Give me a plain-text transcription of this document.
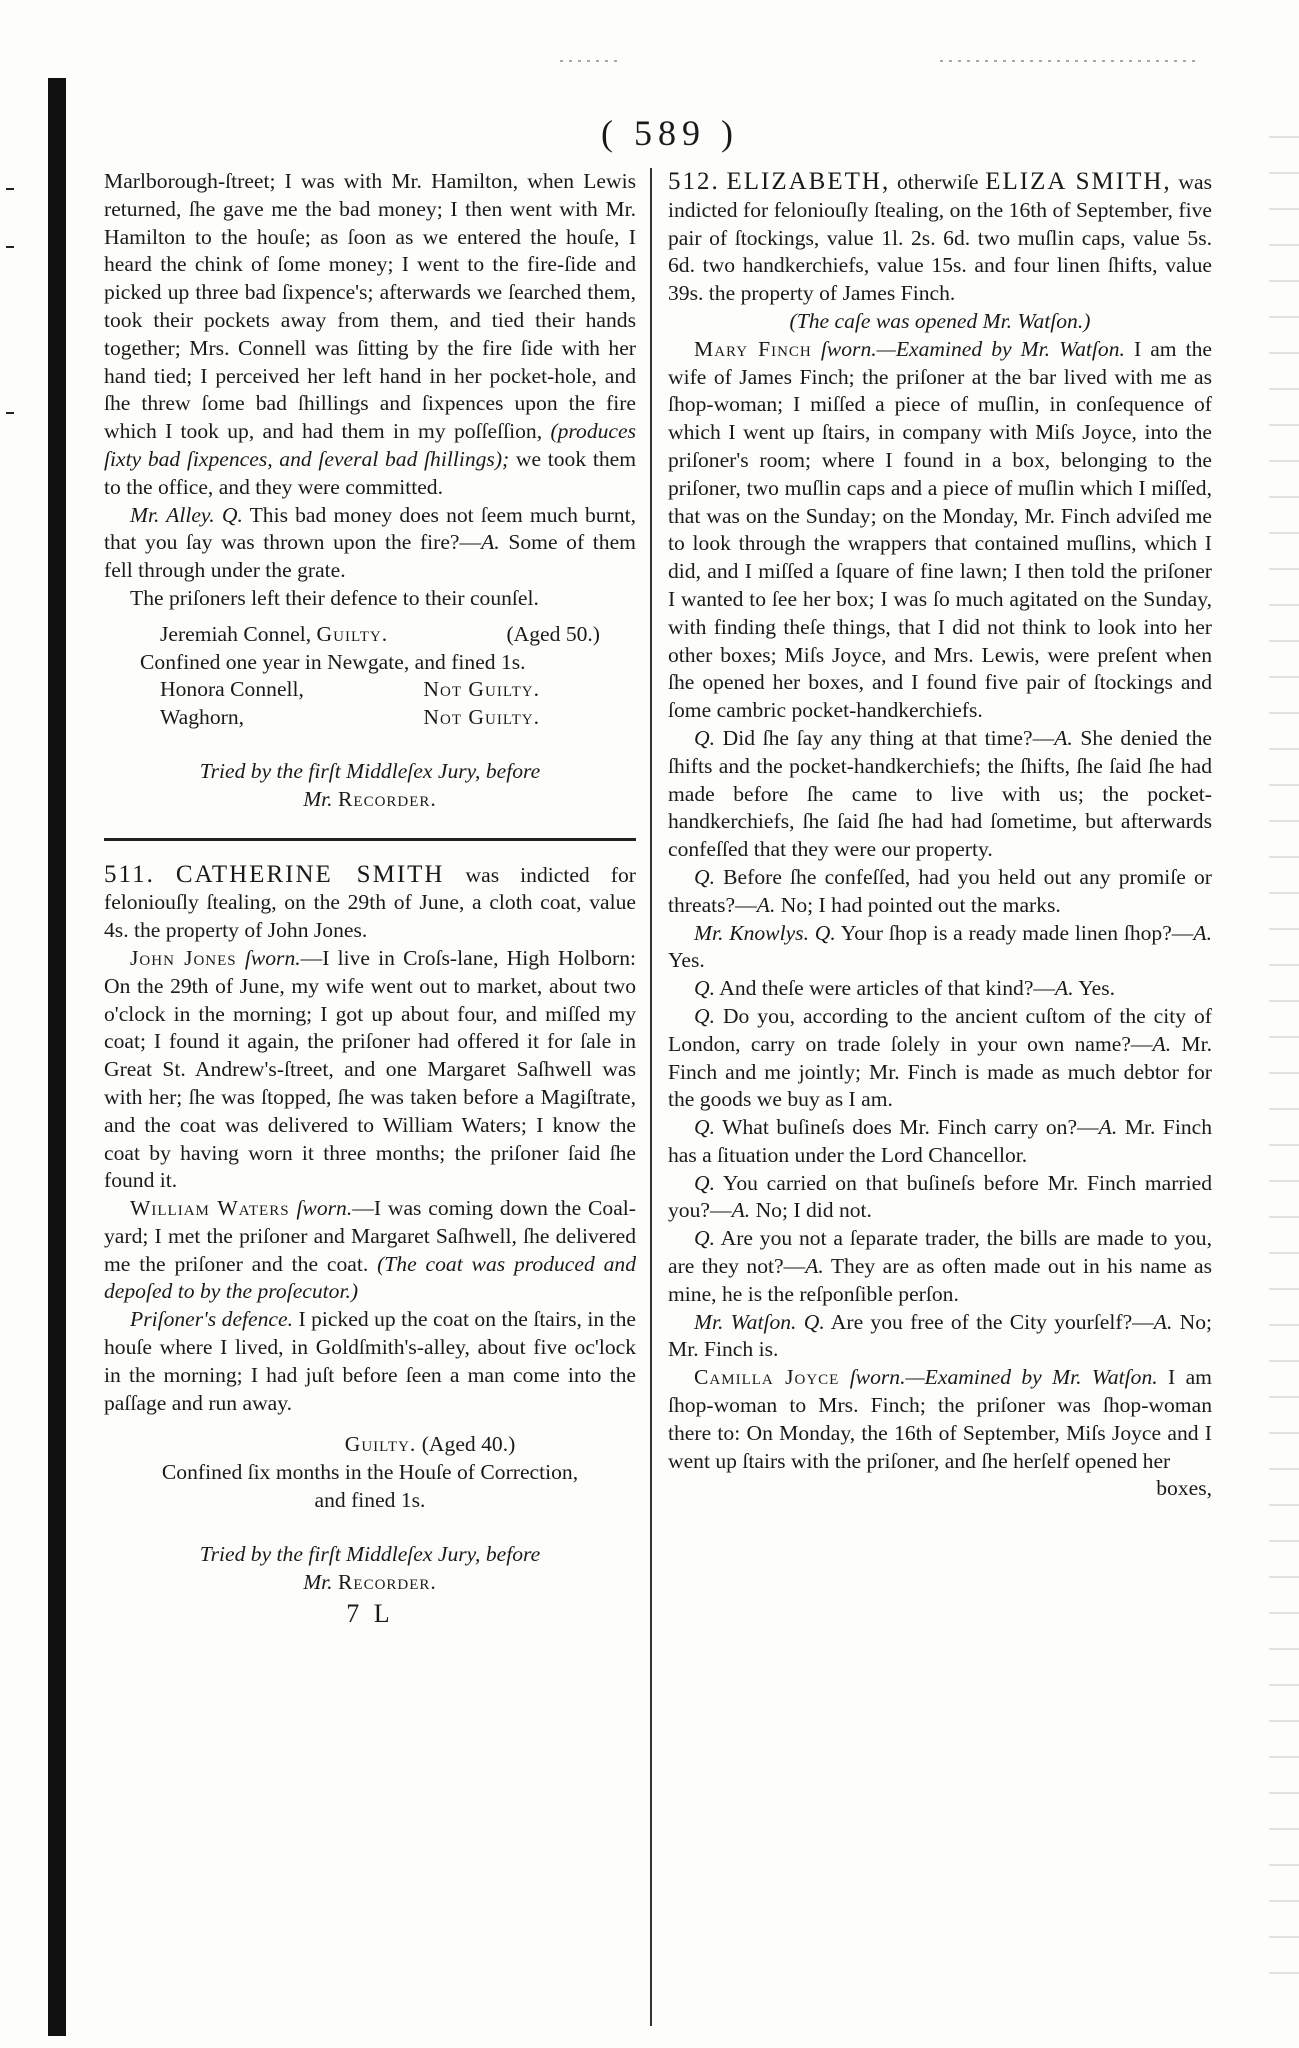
( 589 )

Marlborough-ſtreet; I was with Mr. Hamilton, when Lewis returned, ſhe gave me the bad money; I then went with Mr. Hamilton to the houſe; as ſoon as we entered the houſe, I heard the chink of ſome money; I went to the fire-ſide and picked up three bad ſixpence's; afterwards we ſearched them, took their pockets away from them, and tied their hands together; Mrs. Connell was ſitting by the fire ſide with her hand tied; I perceived her left hand in her pocket-hole, and ſhe threw ſome bad ſhillings and ſixpences upon the fire which I took up, and had them in my poſſeſſion, (produces ſixty bad ſixpences, and ſeveral bad ſhillings); we took them to the office, and they were committed.

Mr. Alley. Q. This bad money does not ſeem much burnt, that you ſay was thrown upon the fire?—A. Some of them fell through under the grate.

The priſoners left their defence to their counſel.

Jeremiah Connel, Guilty.	(Aged 50.)
Confined one year in Newgate, and fined 1s.
Honora Connell,	Not Guilty.
Waghorn,	Not Guilty.
Tried by the firſt Middleſex Jury, before
Mr. Recorder.

511. CATHERINE SMITH was indicted for feloniouſly ſtealing, on the 29th of June, a cloth coat, value 4s. the property of John Jones.

John Jones ſworn.—I live in Croſs-lane, High Holborn: On the 29th of June, my wife went out to market, about two o'clock in the morning; I got up about four, and miſſed my coat; I found it again, the priſoner had offered it for ſale in Great St. Andrew's-ſtreet, and one Margaret Saſhwell was with her; ſhe was ſtopped, ſhe was taken before a Magiſtrate, and the coat was delivered to William Waters; I know the coat by having worn it three months; the priſoner ſaid ſhe found it.

William Waters ſworn.—I was coming down the Coal-yard; I met the priſoner and Margaret Saſhwell, ſhe delivered me the priſoner and the coat. (The coat was produced and depoſed to by the proſecutor.)

Priſoner's defence. I picked up the coat on the ſtairs, in the houſe where I lived, in Goldſmith's-alley, about five oc'lock in the morning; I had juſt before ſeen a man come into the paſſage and run away.

Guilty. (Aged 40.)
Confined ſix months in the Houſe of Correction,
and fined 1s.
Tried by the firſt Middleſex Jury, before
Mr. Recorder.
7 L

512. ELIZABETH, otherwiſe ELIZA SMITH, was indicted for feloniouſly ſtealing, on the 16th of September, five pair of ſtockings, value 1l. 2s. 6d. two muſlin caps, value 5s. 6d. two handkerchiefs, value 15s. and four linen ſhifts, value 39s. the property of James Finch.

(The caſe was opened Mr. Watſon.)

Mary Finch ſworn.—Examined by Mr. Watſon. I am the wife of James Finch; the priſoner at the bar lived with me as ſhop-woman; I miſſed a piece of muſlin, in conſequence of which I went up ſtairs, in company with Miſs Joyce, into the priſoner's room; where I found in a box, belonging to the priſoner, two muſlin caps and a piece of muſlin which I miſſed, that was on the Sunday; on the Monday, Mr. Finch adviſed me to look through the wrappers that contained muſlins, which I did, and I miſſed a ſquare of fine lawn; I then told the priſoner I wanted to ſee her box; I was ſo much agitated on the Sunday, with finding theſe things, that I did not think to look into her other boxes; Miſs Joyce, and Mrs. Lewis, were preſent when ſhe opened her boxes, and I found five pair of ſtockings and ſome cambric pocket-handkerchiefs.

Q. Did ſhe ſay any thing at that time?—A. She denied the ſhifts and the pocket-handkerchiefs; the ſhifts, ſhe ſaid ſhe had made before ſhe came to live with us; the pocket-handkerchiefs, ſhe ſaid ſhe had had ſometime, but afterwards confeſſed that they were our property.

Q. Before ſhe confeſſed, had you held out any promiſe or threats?—A. No; I had pointed out the marks.

Mr. Knowlys. Q. Your ſhop is a ready made linen ſhop?—A. Yes.

Q. And theſe were articles of that kind?—A. Yes.

Q. Do you, according to the ancient cuſtom of the city of London, carry on trade ſolely in your own name?—A. Mr. Finch and me jointly; Mr. Finch is made as much debtor for the goods we buy as I am.

Q. What buſineſs does Mr. Finch carry on?—A. Mr. Finch has a ſituation under the Lord Chancellor.

Q. You carried on that buſineſs before Mr. Finch married you?—A. No; I did not.

Q. Are you not a ſeparate trader, the bills are made to you, are they not?—A. They are as often made out in his name as mine, he is the reſponſible perſon.

Mr. Watſon. Q. Are you free of the City yourſelf?—A. No; Mr. Finch is.

Camilla Joyce ſworn.—Examined by Mr. Watſon. I am ſhop-woman to Mrs. Finch; the priſoner was ſhop-woman there to: On Monday, the 16th of September, Miſs Joyce and I went up ſtairs with the priſoner, and ſhe herſelf opened her

boxes,
